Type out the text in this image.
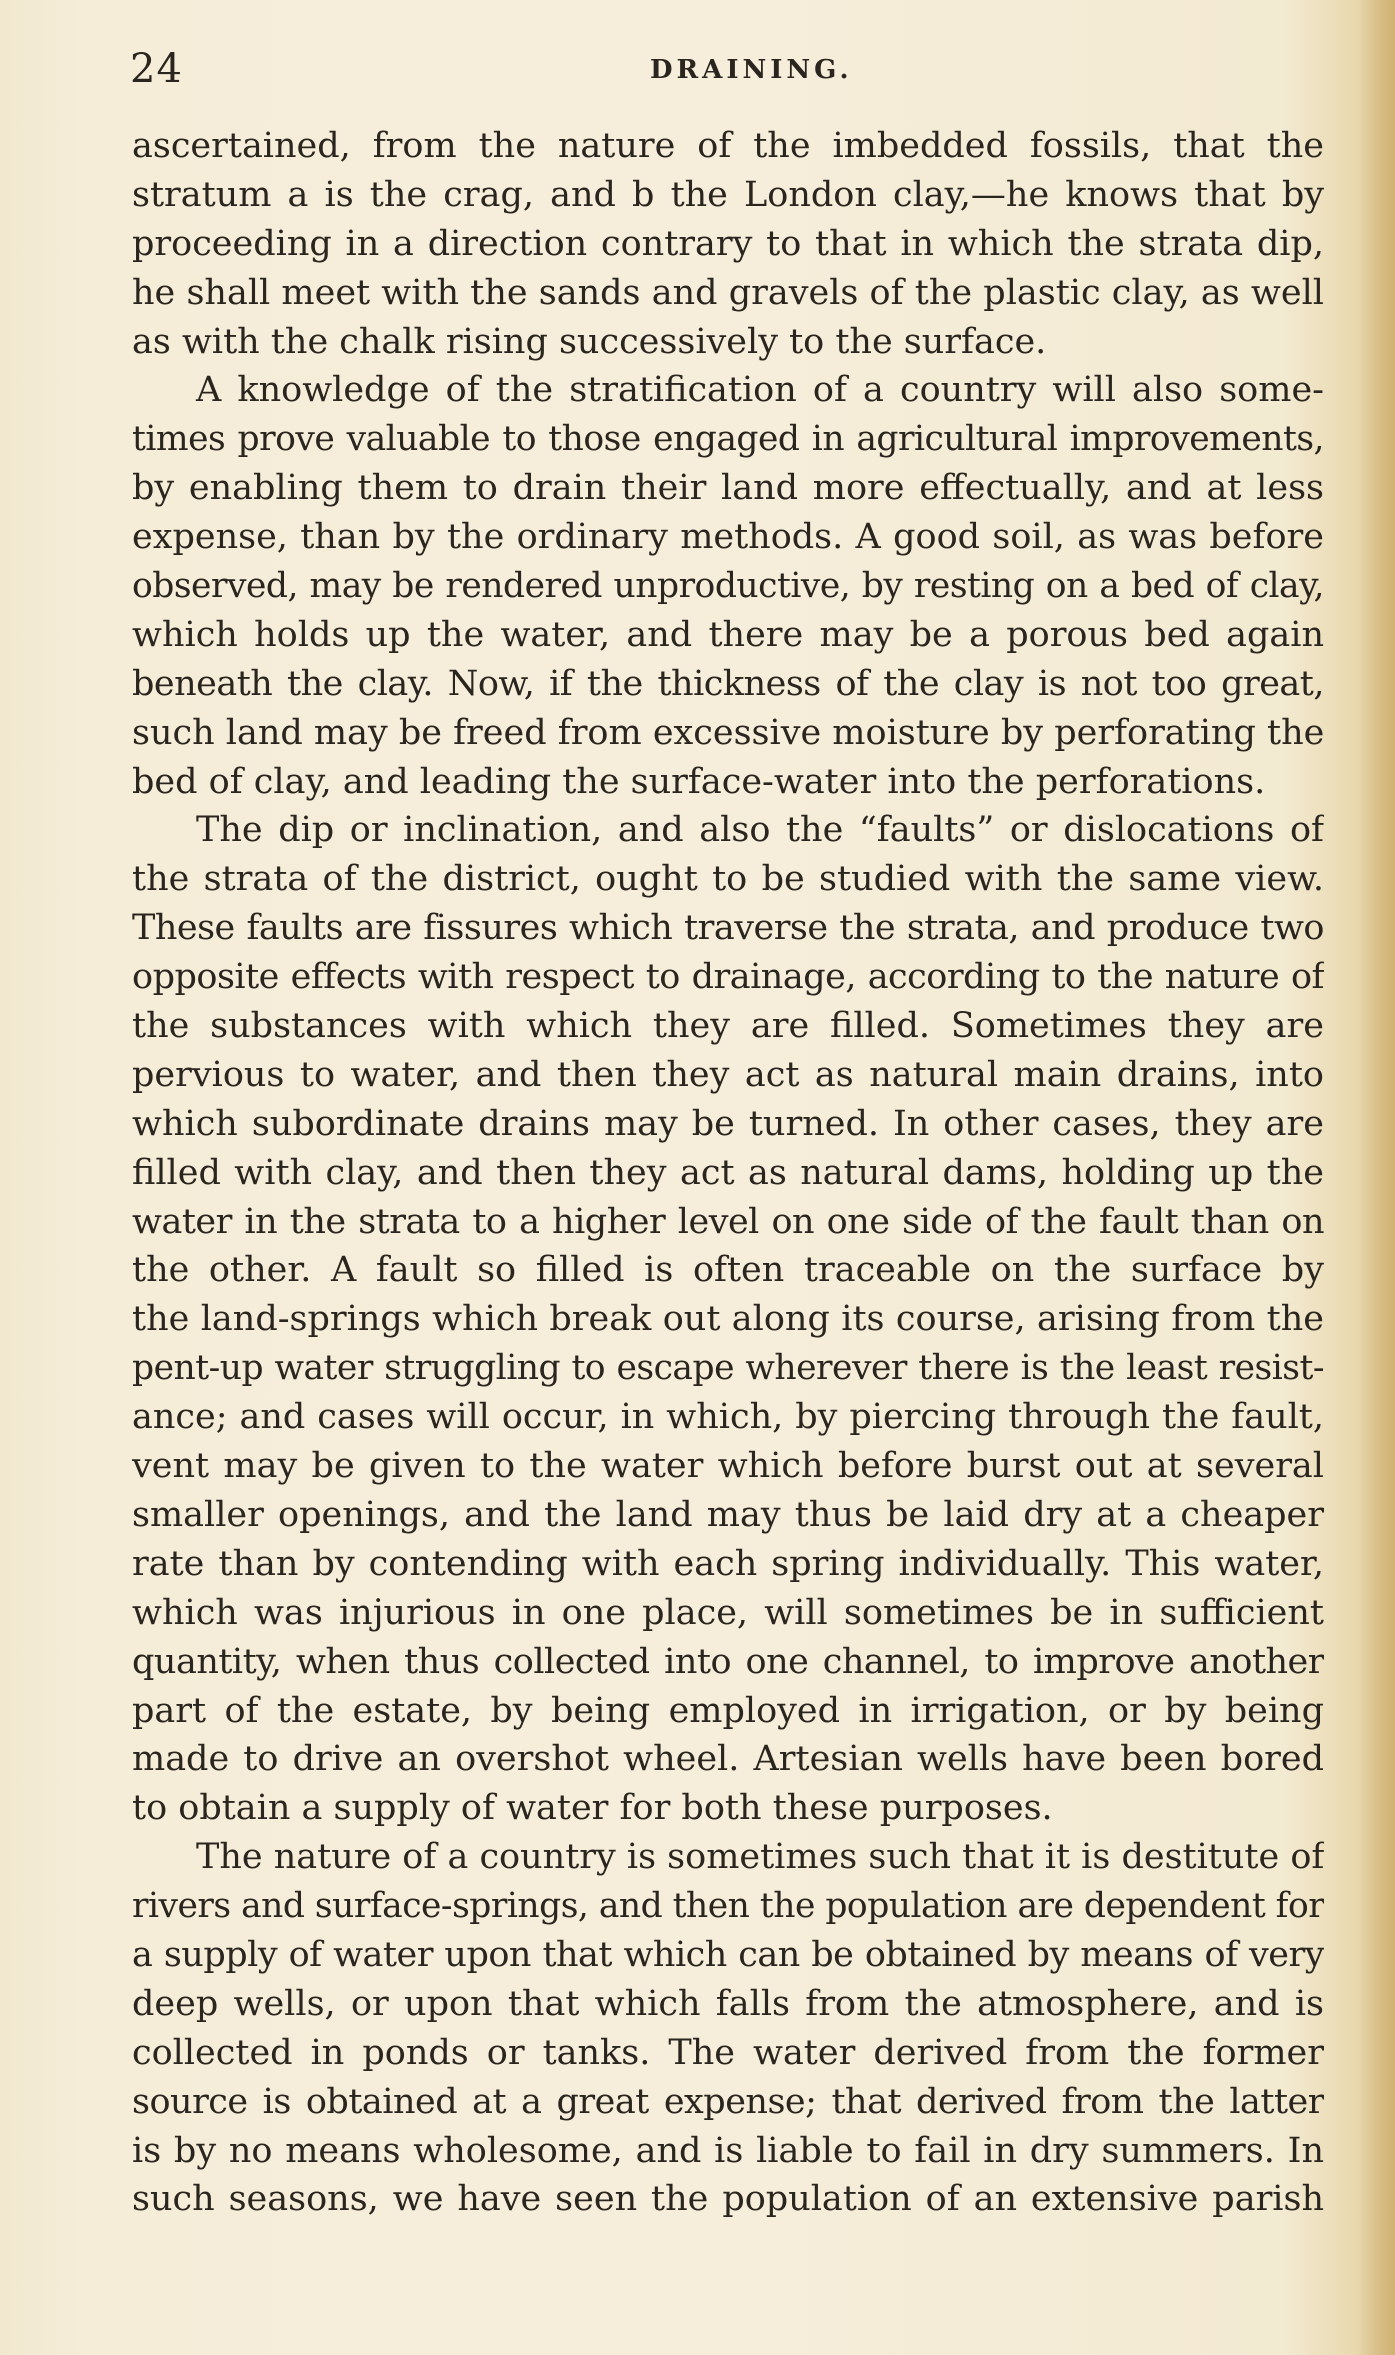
24	DRAINING.
ascertained, from the nature of the imbedded fossils, that the
stratum a is the crag, and b the London clay,—he knows that by
proceeding in a direction contrary to that in which the strata dip,
he shall meet with the sands and gravels of the plastic clay, as well
as with the chalk rising successively to the surface.
A knowledge of the stratification of a country will also some-
times prove valuable to those engaged in agricultural improvements,
by enabling them to drain their land more effectually, and at less
expense, than by the ordinary methods. A good soil, as was before
observed, may be rendered unproductive, by resting on a bed of clay,
which holds up the water, and there may be a porous bed again
beneath the clay. Now, if the thickness of the clay is not too great,
such land may be freed from excessive moisture by perforating the
bed of clay, and leading the surface-water into the perforations.
The dip or inclination, and also the “faults” or dislocations of
the strata of the district, ought to be studied with the same view.
These faults are fissures which traverse the strata, and produce two
opposite effects with respect to drainage, according to the nature of
the substances with which they are filled. Sometimes they are
pervious to water, and then they act as natural main drains, into
which subordinate drains may be turned. In other cases, they are
filled with clay, and then they act as natural dams, holding up the
water in the strata to a higher level on one side of the fault than on
the other. A fault so filled is often traceable on the surface by
the land-springs which break out along its course, arising from the
pent-up water struggling to escape wherever there is the least resist-
ance; and cases will occur, in which, by piercing through the fault,
vent may be given to the water which before burst out at several
smaller openings, and the land may thus be laid dry at a cheaper
rate than by contending with each spring individually. This water,
which was injurious in one place, will sometimes be in sufficient
quantity, when thus collected into one channel, to improve another
part of the estate, by being employed in irrigation, or by being
made to drive an overshot wheel. Artesian wells have been bored
to obtain a supply of water for both these purposes.
The nature of a country is sometimes such that it is destitute of
rivers and surface-springs, and then the population are dependent for
a supply of water upon that which can be obtained by means of very
deep wells, or upon that which falls from the atmosphere, and is
collected in ponds or tanks. The water derived from the former
source is obtained at a great expense; that derived from the latter
is by no means wholesome, and is liable to fail in dry summers. In
such seasons, we have seen the population of an extensive parish
